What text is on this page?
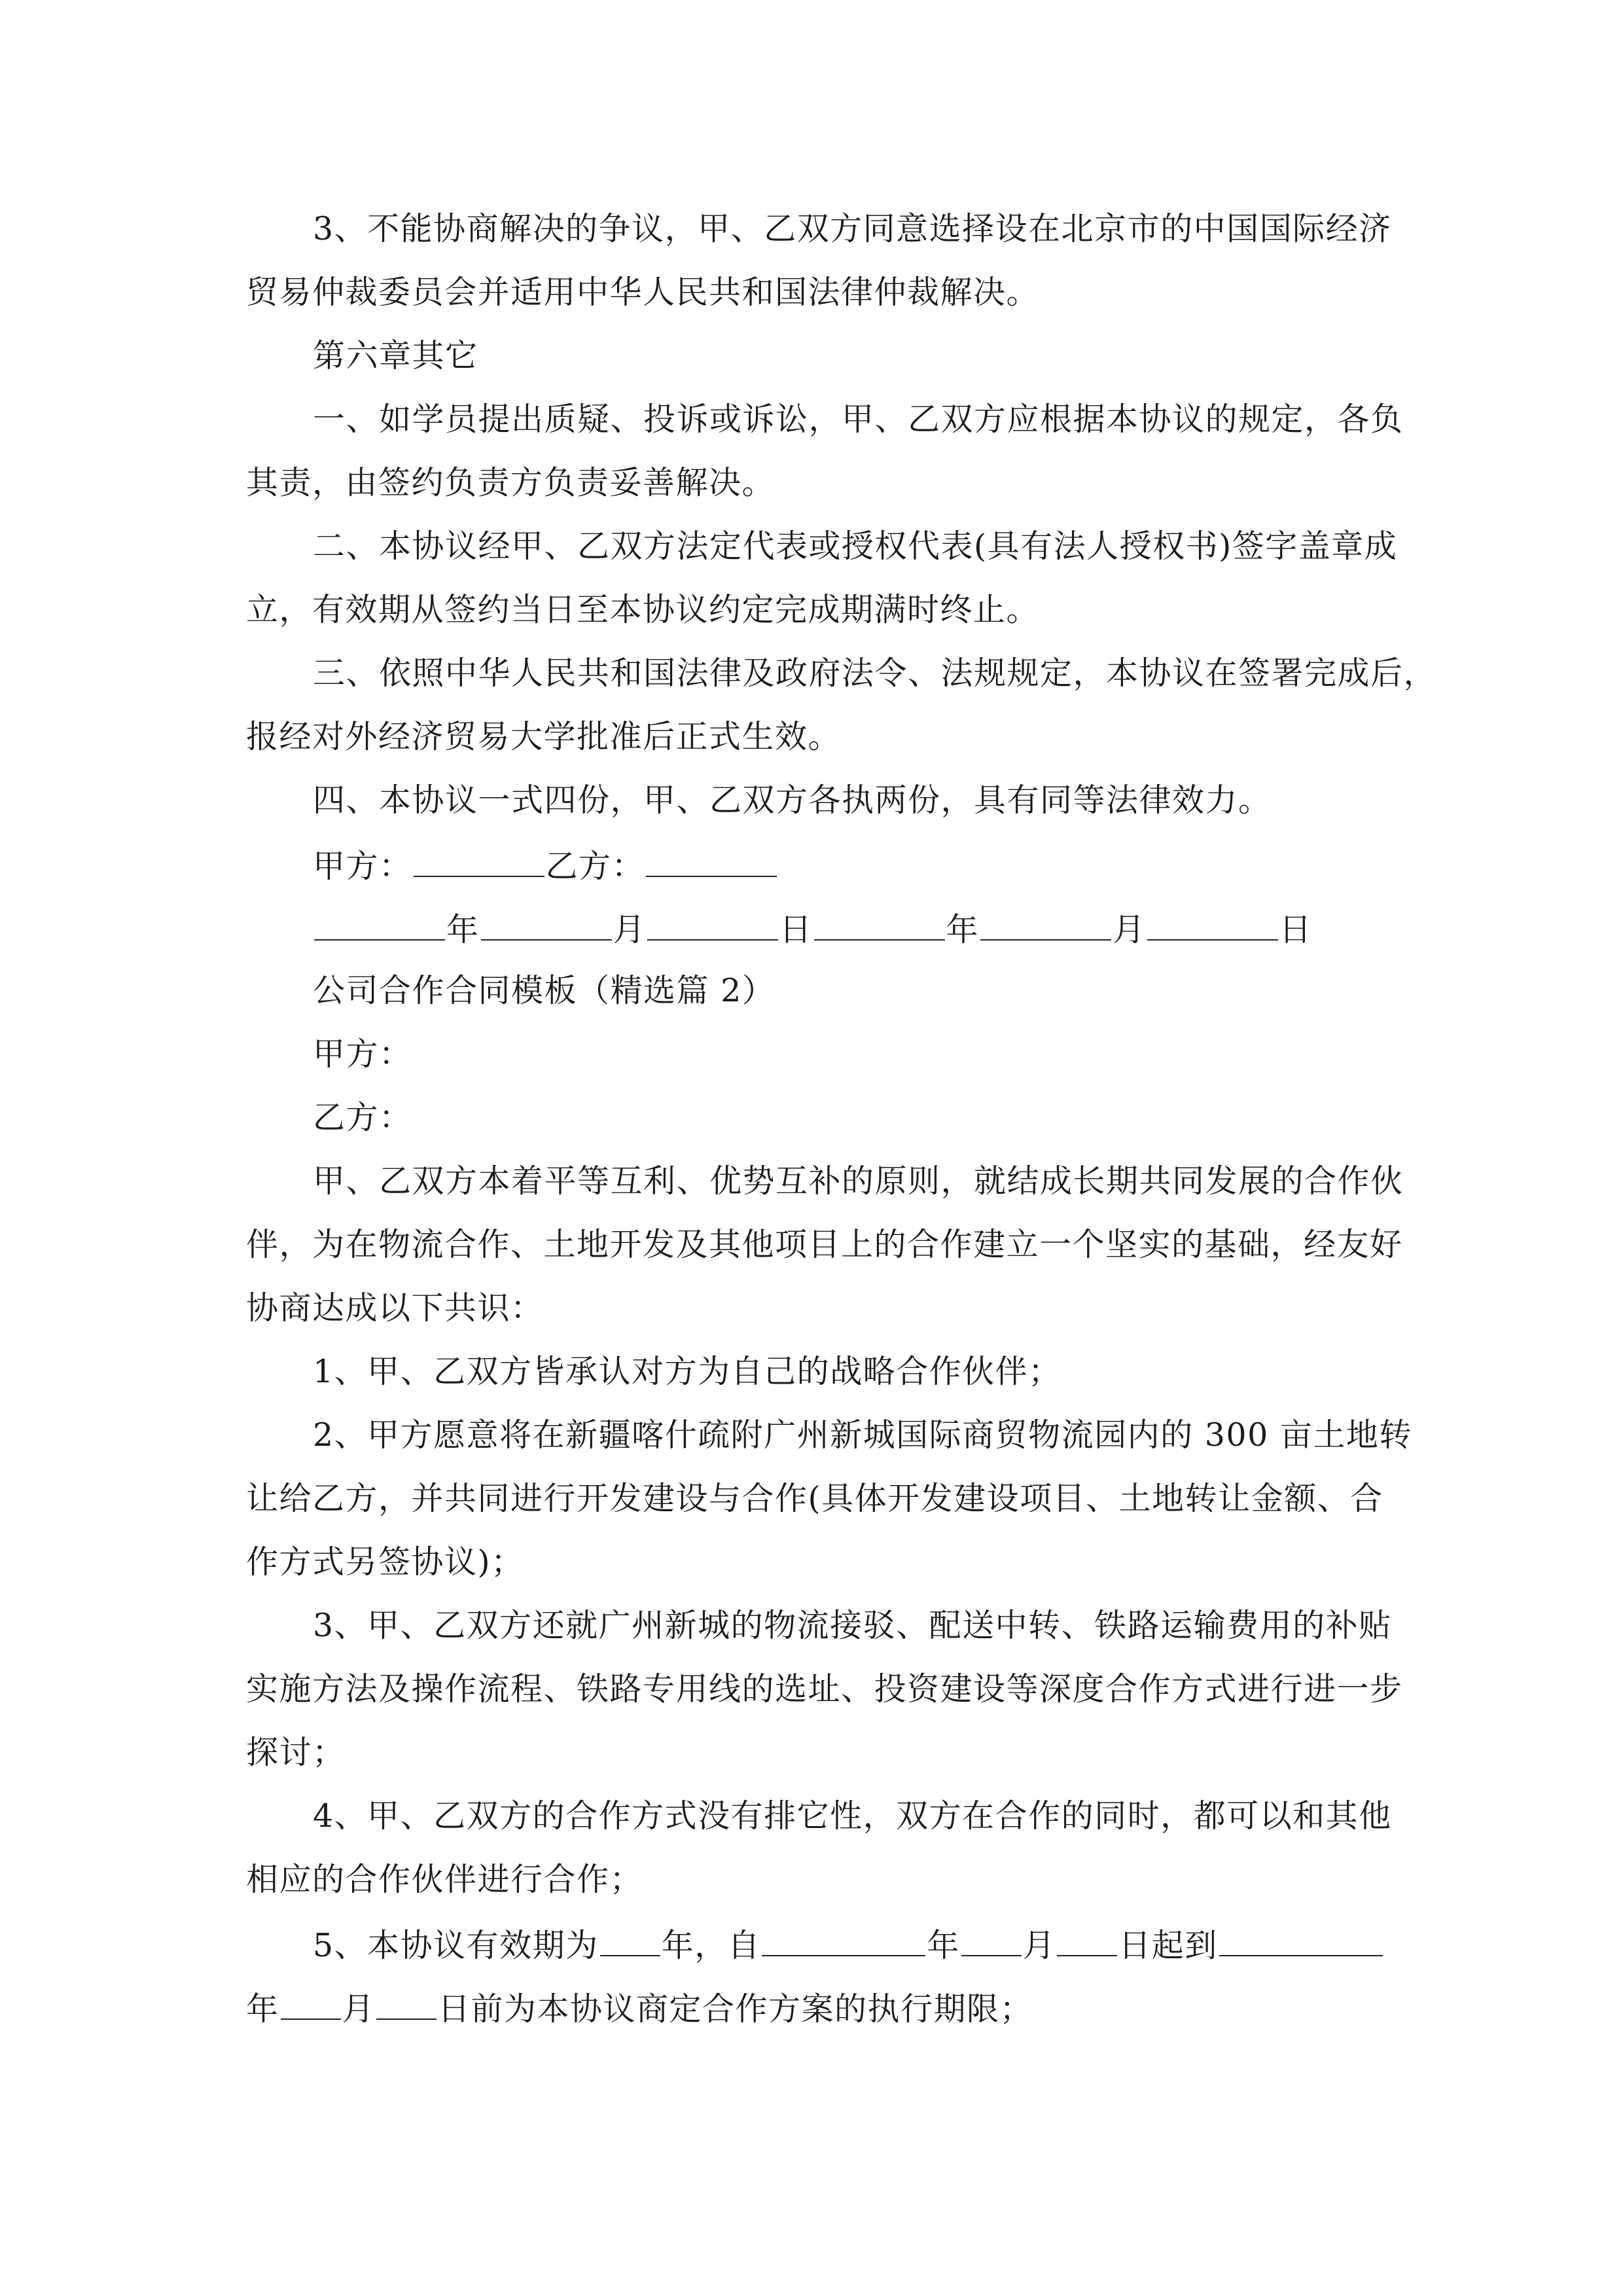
3、不能协商解决的争议，甲、乙双方同意选择设在北京市的中国国际经济
贸易仲裁委员会并适用中华人民共和国法律仲裁解决。
第六章其它
一、如学员提出质疑、投诉或诉讼，甲、乙双方应根据本协议的规定，各负
其责，由签约负责方负责妥善解决。
二、本协议经甲、乙双方法定代表或授权代表(具有法人授权书)签字盖章成
立，有效期从签约当日至本协议约定完成期满时终止。
三、依照中华人民共和国法律及政府法令、法规规定，本协议在签署完成后，
报经对外经济贸易大学批准后正式生效。
四、本协议一式四份，甲、乙双方各执两份，具有同等法律效力。
甲方：	乙方：
年	月	日	年	月	日
公司合作合同模板（精选篇 2）
甲方：
乙方：
甲、乙双方本着平等互利、优势互补的原则，就结成长期共同发展的合作伙
伴，为在物流合作、土地开发及其他项目上的合作建立一个坚实的基础，经友好
协商达成以下共识：
1、甲、乙双方皆承认对方为自己的战略合作伙伴；
2、甲方愿意将在新疆喀什疏附广州新城国际商贸物流园内的 300 亩土地转
让给乙方，并共同进行开发建设与合作(具体开发建设项目、土地转让金额、合
作方式另签协议)；
3、甲、乙双方还就广州新城的物流接驳、配送中转、铁路运输费用的补贴
实施方法及操作流程、铁路专用线的选址、投资建设等深度合作方式进行进一步
探讨；
4、甲、乙双方的合作方式没有排它性，双方在合作的同时，都可以和其他
相应的合作伙伴进行合作；
5、本协议有效期为 年，自	年 月 日起到
年 月 日前为本协议商定合作方案的执行期限；
